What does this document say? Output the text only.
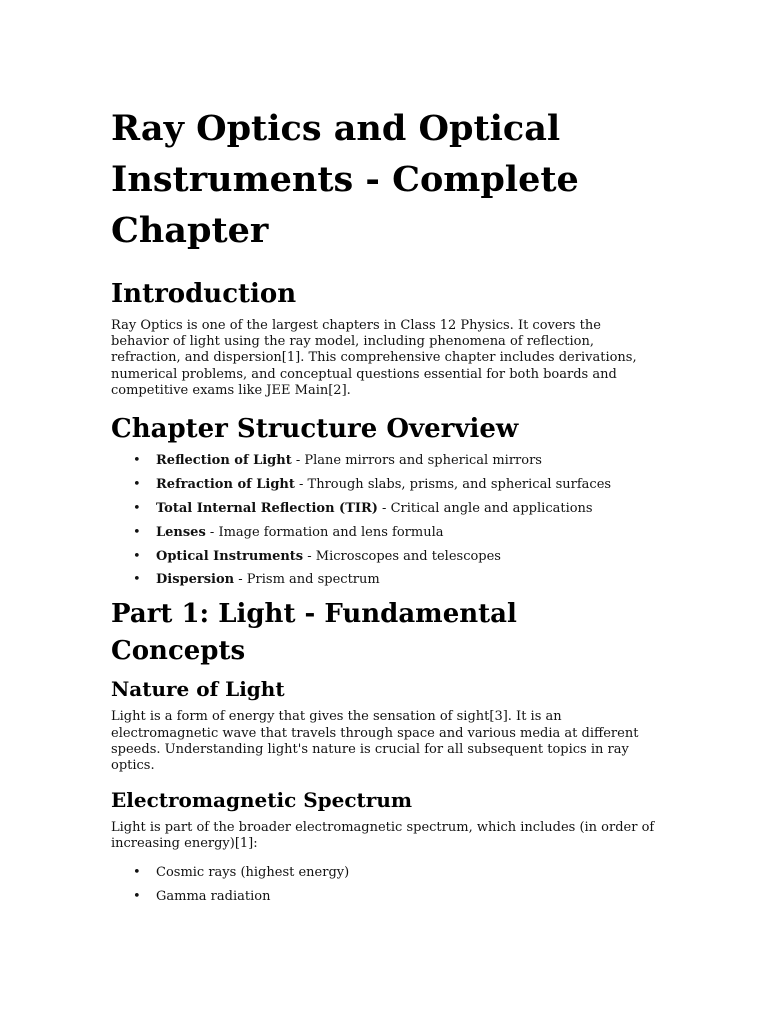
Ray Optics and Optical Instruments - Complete Chapter
Introduction

Ray Optics is one of the largest chapters in Class 12 Physics. It covers the behavior of light using the ray model, including phenomena of reflection, refraction, and dispersion[1]. This comprehensive chapter includes derivations, numerical problems, and conceptual questions essential for both boards and competitive exams like JEE Main[2].

Chapter Structure Overview
• Reflection of Light - Plane mirrors and spherical mirrors
• Refraction of Light - Through slabs, prisms, and spherical surfaces
• Total Internal Reflection (TIR) - Critical angle and applications
• Lenses - Image formation and lens formula
• Optical Instruments - Microscopes and telescopes
• Dispersion - Prism and spectrum
Part 1: Light - Fundamental Concepts
Nature of Light

Light is a form of energy that gives the sensation of sight[3]. It is an electromagnetic wave that travels through space and various media at different speeds. Understanding light's nature is crucial for all subsequent topics in ray optics.

Electromagnetic Spectrum

Light is part of the broader electromagnetic spectrum, which includes (in order of increasing energy)[1]:

• Cosmic rays (highest energy)
• Gamma radiation
